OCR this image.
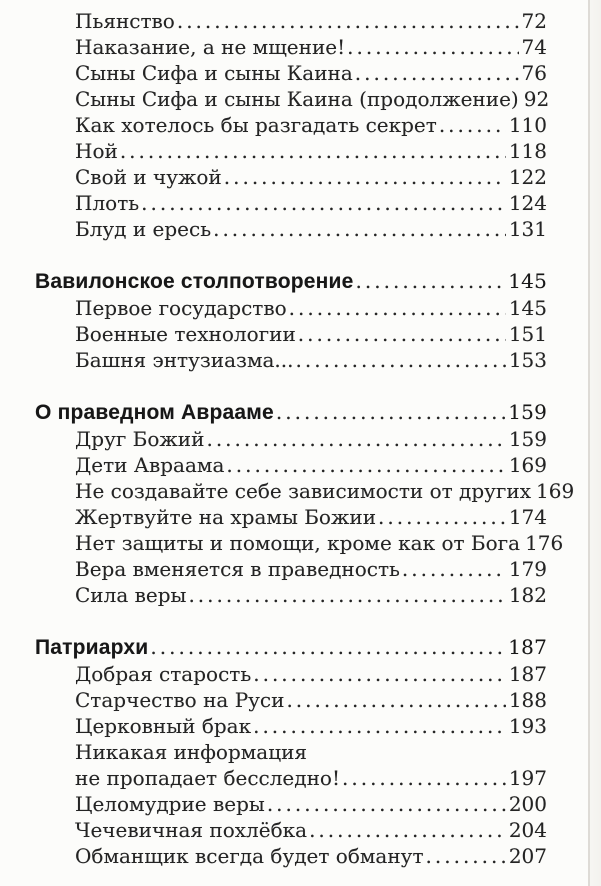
Пьянство .....	72
Наказание, а не мщение! .....	74
Сыны Сифа и сыны Каина .....	76
Сыны Сифа и сыны Каина (продолжение) 92
Как хотелось бы разгадать секрет .....	110
Ной .....	118
Свой и чужой .....	122
Плоть .....	124
Блуд и ересь .....	131
Вавилонское столпотворение .....	145
Первое государство .....	145
Военные технологии .....	151
Башня энтузиазма... .....	153
О праведном Аврааме .....	159
Друг Божий .....	159
Дети Авраама .....	169
Не создавайте себе зависимости от других 169
Жертвуйте на храмы Божии .....	174
Нет защиты и помощи, кроме как от Бога 176
Вера вменяется в праведность .....	179
Сила веры .....	182
Патриархи .....	187
Добрая старость .....	187
Старчество на Руси .....	188
Церковный брак .....	193
Никакая информация
не пропадает бесследно! .....	197
Целомудрие веры .....	200
Чечевичная похлёбка .....	204
Обманщик всегда будет обманут .....	207
